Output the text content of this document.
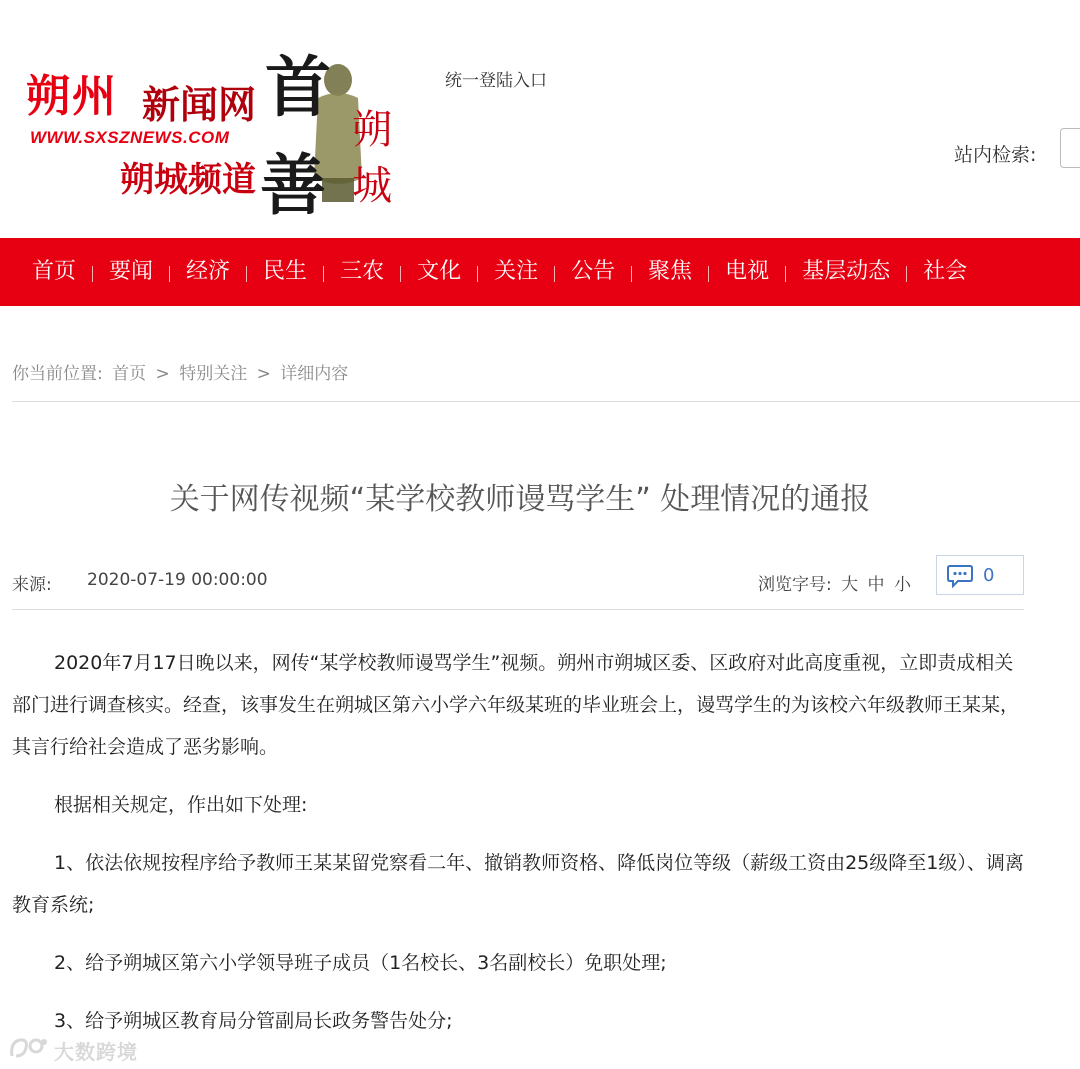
朔州 新闻网
WWW.SXSZNEWS.COM
朔城频道
首
善
朔城
统一登陆入口
站内检索:
首页 要闻 经济 民生 三农 文化 关注 公告 聚焦 电视 基层动态 社会
你当前位置: 首页 > 特别关注 > 详细内容
关于网传视频“某学校教师谩骂学生” 处理情况的通报
来源: 2020-07-19 00:00:00	浏览字号: 大 中 小	0

2020年7月17日晚以来，网传“某学校教师谩骂学生”视频。朔州市朔城区委、区政府对此高度重视，立即责成相关部门进行调查核实。经查，该事发生在朔城区第六小学六年级某班的毕业班会上，谩骂学生的为该校六年级教师王某某，其言行给社会造成了恶劣影响。

根据相关规定，作出如下处理:

1、依法依规按程序给予教师王某某留党察看二年、撤销教师资格、降低岗位等级（薪级工资由25级降至1级）、调离教育系统;

2、给予朔城区第六小学领导班子成员（1名校长、3名副校长）免职处理;

3、给予朔城区教育局分管副局长政务警告处分;

大数跨境
